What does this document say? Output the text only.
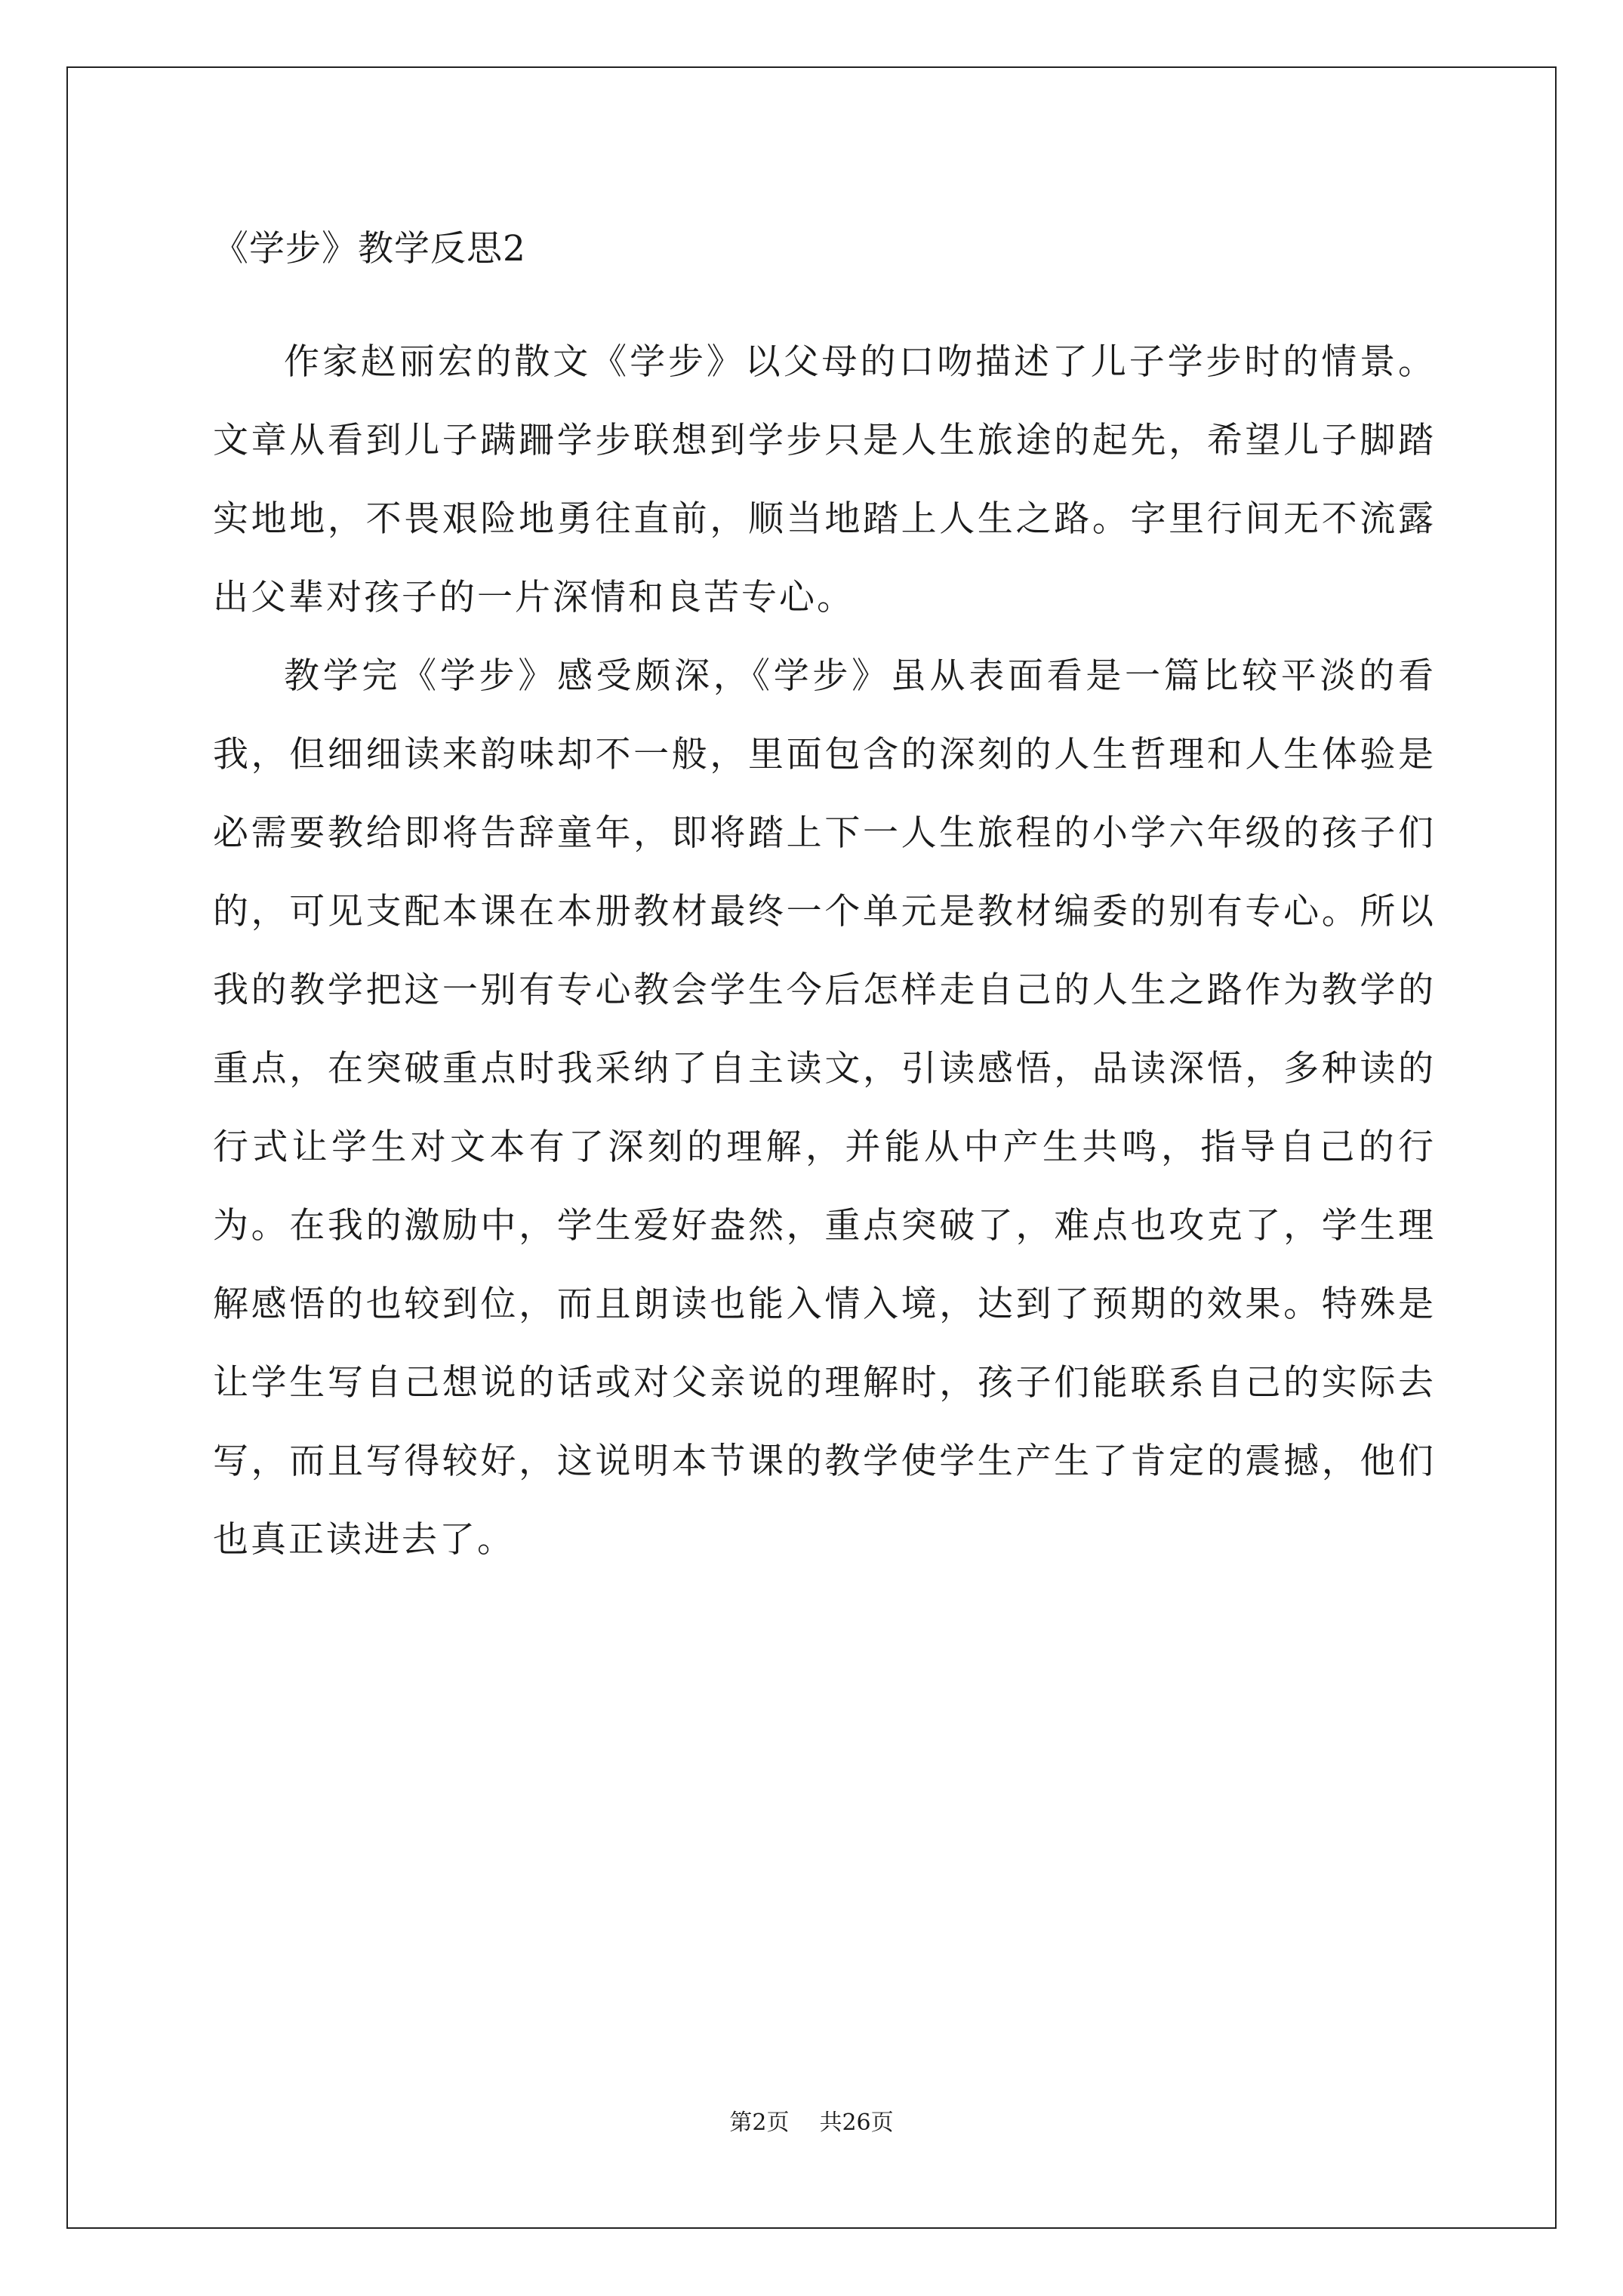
《学步》教学反思2

作家赵丽宏的散文《学步》以父母的口吻描述了儿子学步时的情景。文章从看到儿子蹒跚学步联想到学步只是人生旅途的起先，希望儿子脚踏实地地，不畏艰险地勇往直前，顺当地踏上人生之路。字里行间无不流露出父辈对孩子的一片深情和良苦专心。

教学完《学步》感受颇深，《学步》虽从表面看是一篇比较平淡的看我，但细细读来韵味却不一般，里面包含的深刻的人生哲理和人生体验是必需要教给即将告辞童年，即将踏上下一人生旅程的小学六年级的孩子们的，可见支配本课在本册教材最终一个单元是教材编委的别有专心。所以我的教学把这一别有专心教会学生今后怎样走自己的人生之路作为教学的重点，在突破重点时我采纳了自主读文，引读感悟，品读深悟，多种读的行式让学生对文本有了深刻的理解，并能从中产生共鸣，指导自己的行为。在我的激励中，学生爱好盎然，重点突破了，难点也攻克了，学生理解感悟的也较到位，而且朗读也能入情入境，达到了预期的效果。特殊是让学生写自己想说的话或对父亲说的理解时，孩子们能联系自己的实际去写，而且写得较好，这说明本节课的教学使学生产生了肯定的震撼，他们也真正读进去了。

第2页 共26页
